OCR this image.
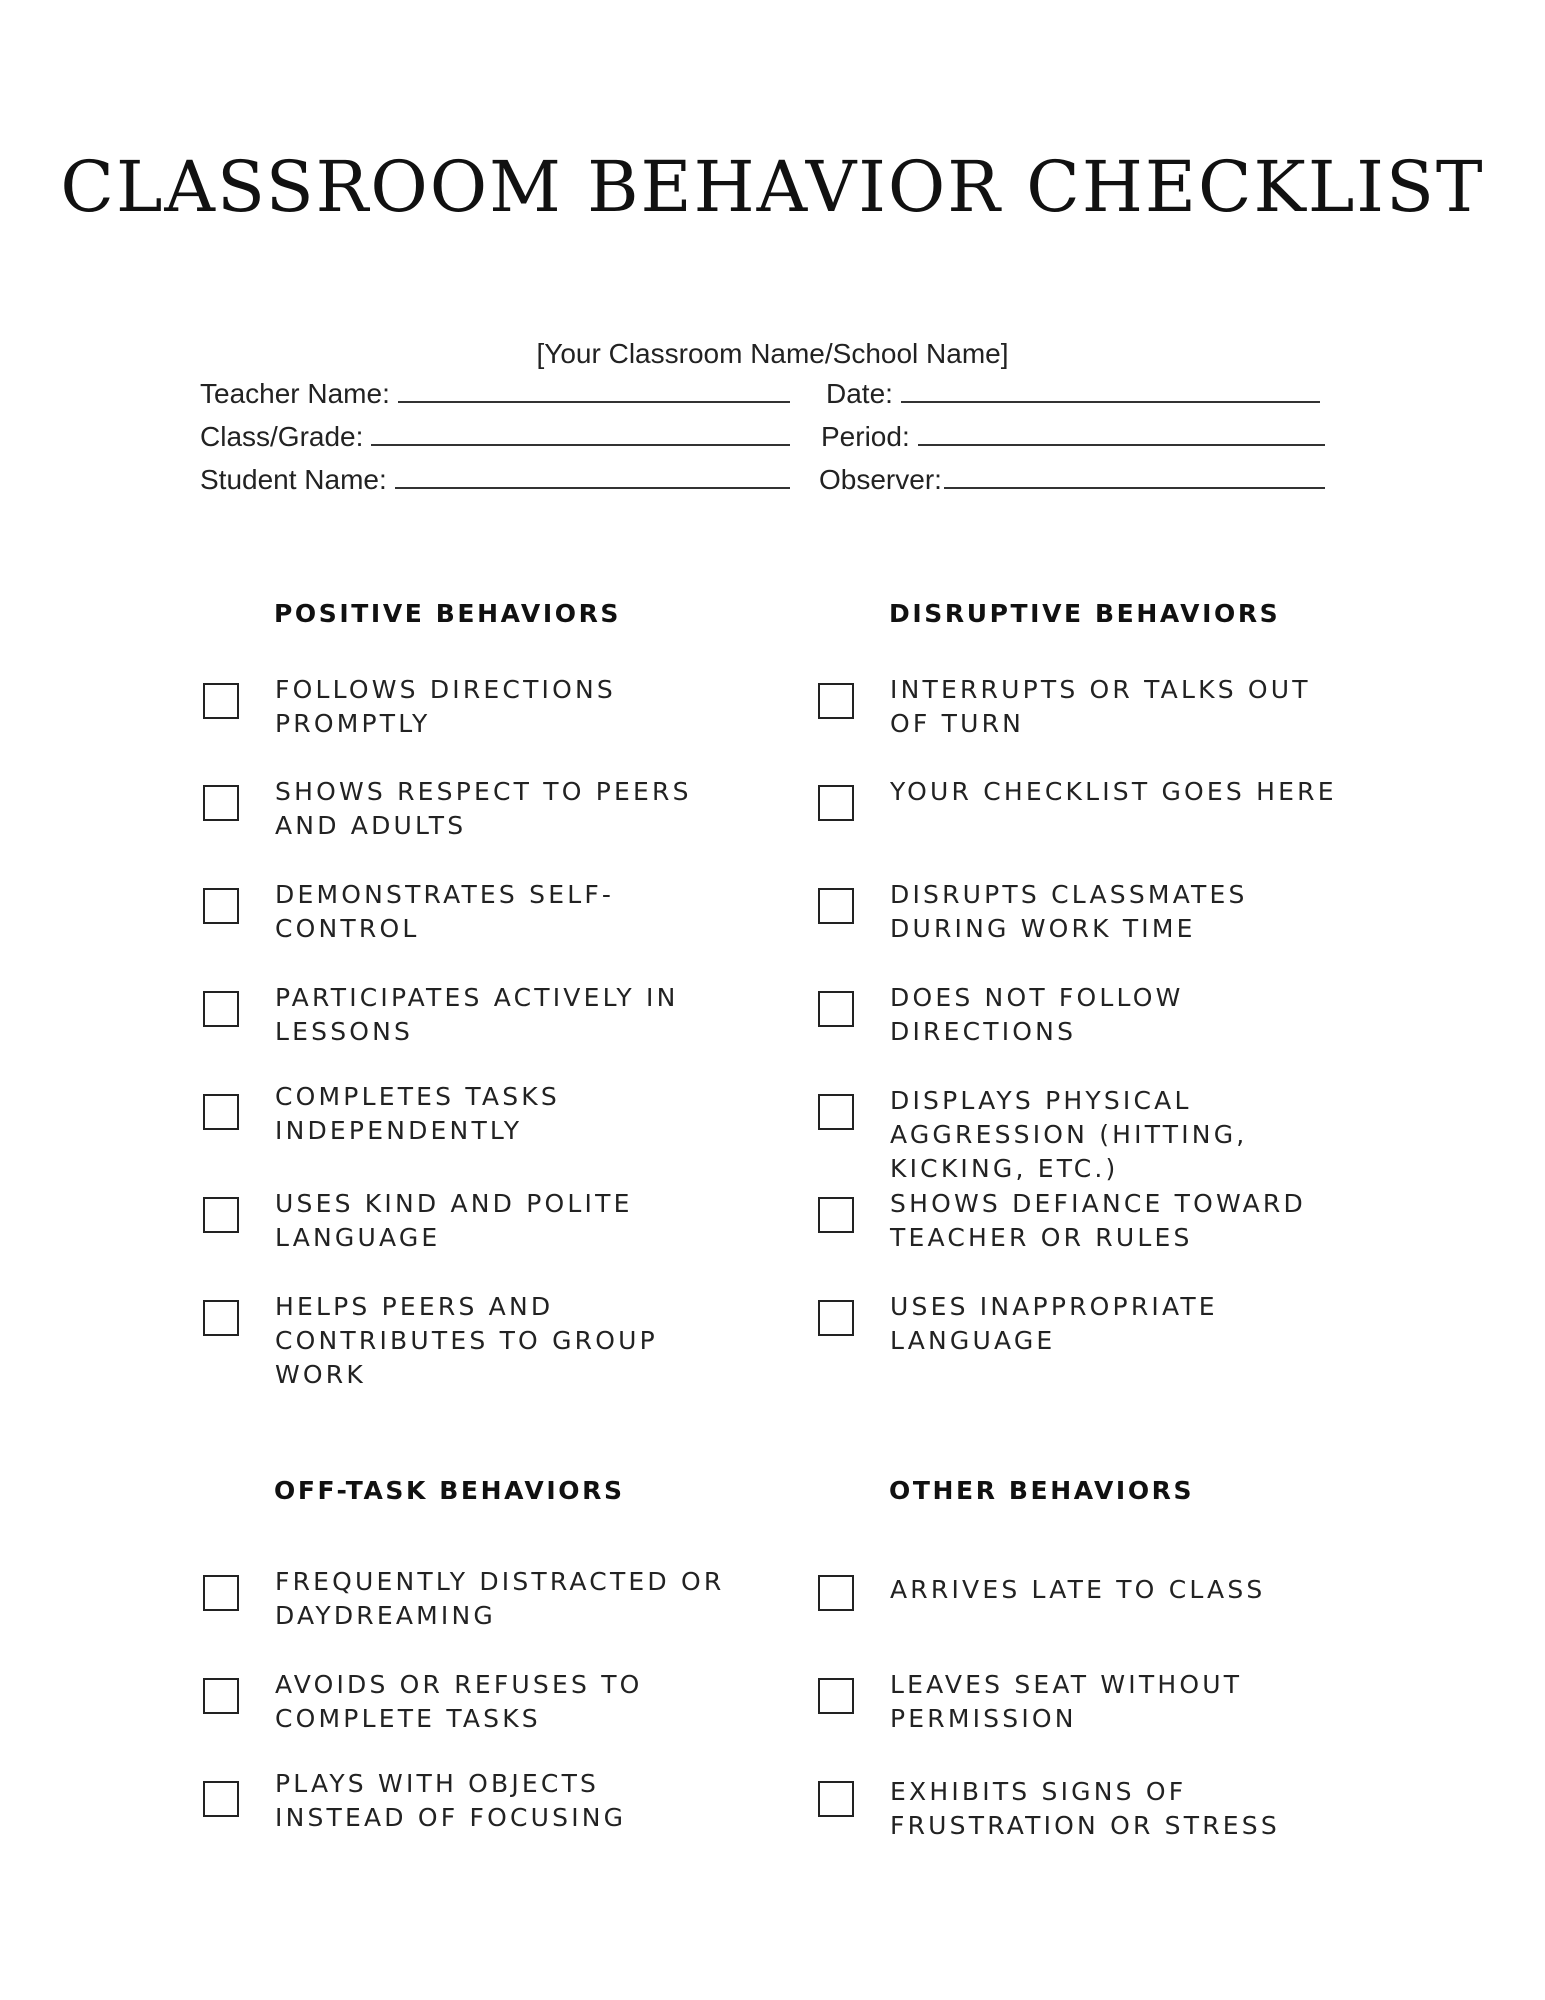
CLASSROOM BEHAVIOR CHECKLIST
[Your Classroom Name/School Name]
Teacher Name:	Date:
Class/Grade:	Period:
Student Name:	Observer:
POSITIVE BEHAVIORS	DISRUPTIVE BEHAVIORS
OFF-TASK BEHAVIORS	OTHER BEHAVIORS
FOLLOWS DIRECTIONS
PROMPTLY
SHOWS RESPECT TO PEERS
AND ADULTS
DEMONSTRATES SELF-
CONTROL
PARTICIPATES ACTIVELY IN
LESSONS
COMPLETES TASKS
INDEPENDENTLY
USES KIND AND POLITE
LANGUAGE
HELPS PEERS AND
CONTRIBUTES TO GROUP
WORK
INTERRUPTS OR TALKS OUT
OF TURN
YOUR CHECKLIST GOES HERE
DISRUPTS CLASSMATES
DURING WORK TIME
DOES NOT FOLLOW
DIRECTIONS
DISPLAYS PHYSICAL
AGGRESSION (HITTING,
KICKING, ETC.)
SHOWS DEFIANCE TOWARD
TEACHER OR RULES
USES INAPPROPRIATE
LANGUAGE
FREQUENTLY DISTRACTED OR
DAYDREAMING
AVOIDS OR REFUSES TO
COMPLETE TASKS
PLAYS WITH OBJECTS
INSTEAD OF FOCUSING
ARRIVES LATE TO CLASS
LEAVES SEAT WITHOUT
PERMISSION
EXHIBITS SIGNS OF
FRUSTRATION OR STRESS
